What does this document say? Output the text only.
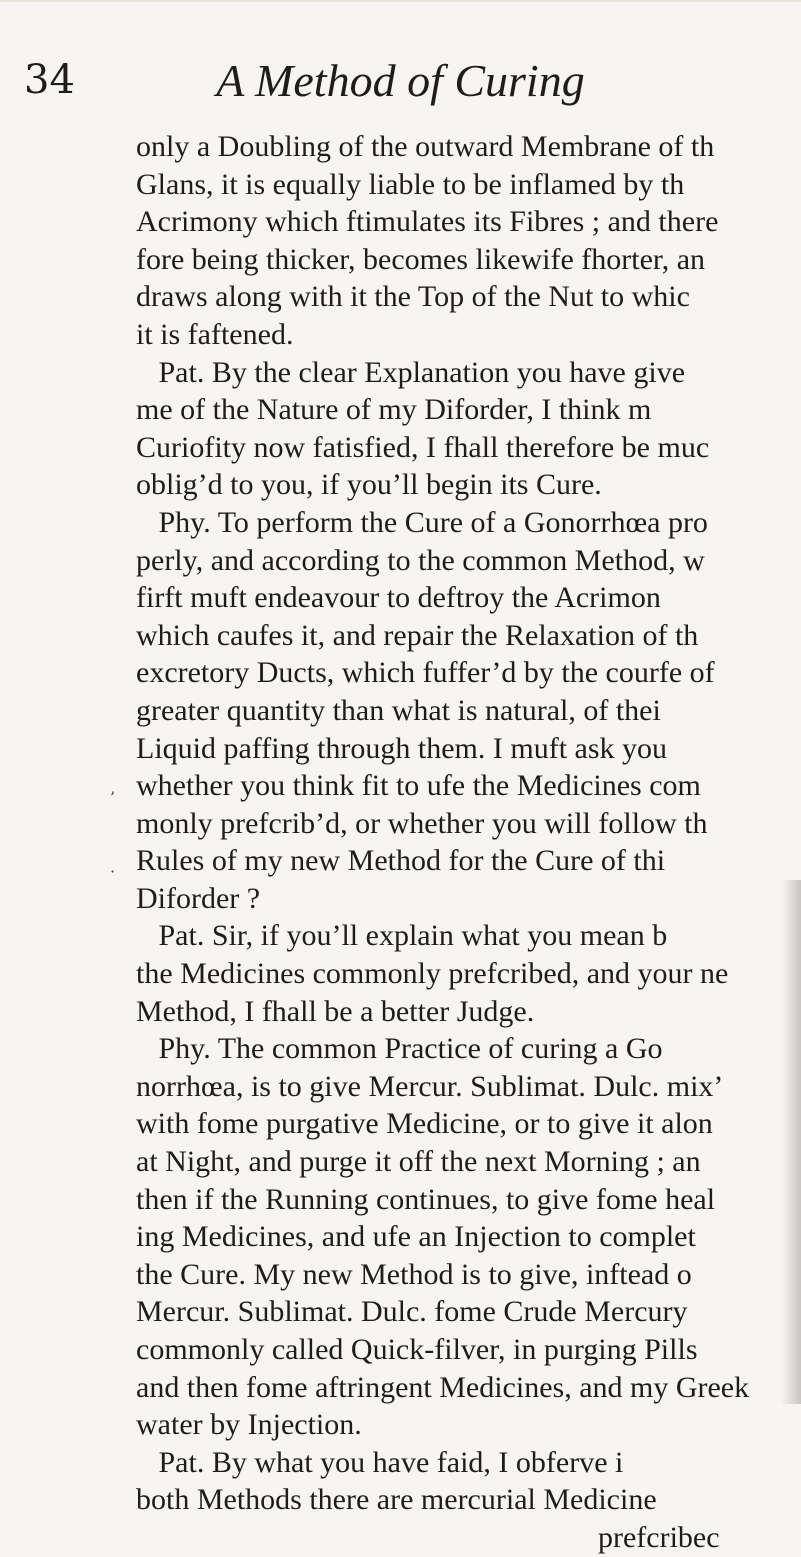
34	A Method of Curing
only a Doubling of the outward Membrane of th
Glans, it is equally liable to be inflamed by th
Acrimony which ftimulates its Fibres ; and there
fore being thicker, becomes likewife fhorter, an
draws along with it the Top of the Nut to whic
it is faftened.
Pat. By the clear Explanation you have give
me of the Nature of my Diforder, I think m
Curiofity now fatisfied, I fhall therefore be muc
oblig’d to you, if you’ll begin its Cure.
Phy. To perform the Cure of a Gonorrhœa pro
perly, and according to the common Method, w
firft muft endeavour to deftroy the Acrimon
which caufes it, and repair the Relaxation of th
excretory Ducts, which fuffer’d by the courfe of
greater quantity than what is natural, of thei
Liquid paffing through them. I muft ask you
whether you think fit to ufe the Medicines com
monly prefcrib’d, or whether you will follow th
Rules of my new Method for the Cure of thi
Diforder ?
Pat. Sir, if you’ll explain what you mean b
the Medicines commonly prefcribed, and your ne
Method, I fhall be a better Judge.
Phy. The common Practice of curing a Go
norrhœa, is to give Mercur. Sublimat. Dulc. mix’
with fome purgative Medicine, or to give it alon
at Night, and purge it off the next Morning ; an
then if the Running continues, to give fome heal
ing Medicines, and ufe an Injection to complet
the Cure. My new Method is to give, inftead o
Mercur. Sublimat. Dulc. fome Crude Mercury
commonly called Quick-filver, in purging Pills
and then fome aftringent Medicines, and my Greek
water by Injection.
Pat. By what you have faid, I obferve i
both Methods there are mercurial Medicine
prefcribec
’
·
